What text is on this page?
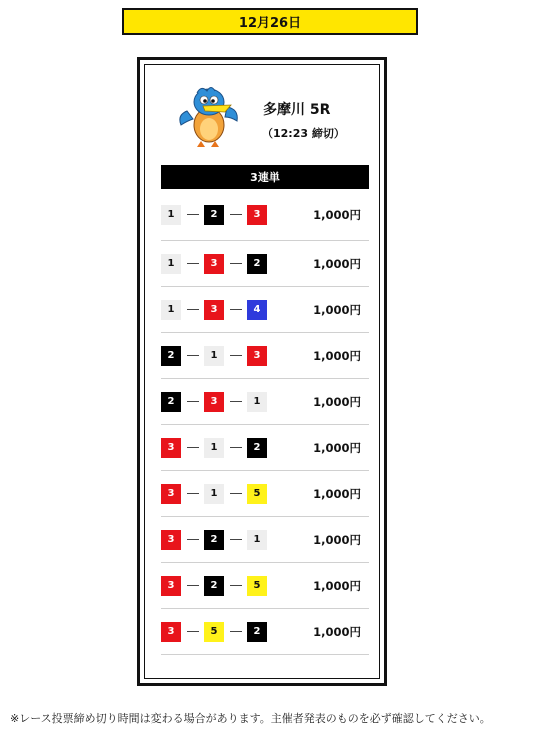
12月26日
多摩川 5R
（12:23 締切）
3連単
1	2	3	1,000円
1	3	2	1,000円
1	3	4	1,000円
2	1	3	1,000円
2	3	1	1,000円
3	1	2	1,000円
3	1	5	1,000円
3	2	1	1,000円
3	2	5	1,000円
3	5	2	1,000円
※レース投票締め切り時間は変わる場合があります。主催者発表のものを必ず確認してください。
